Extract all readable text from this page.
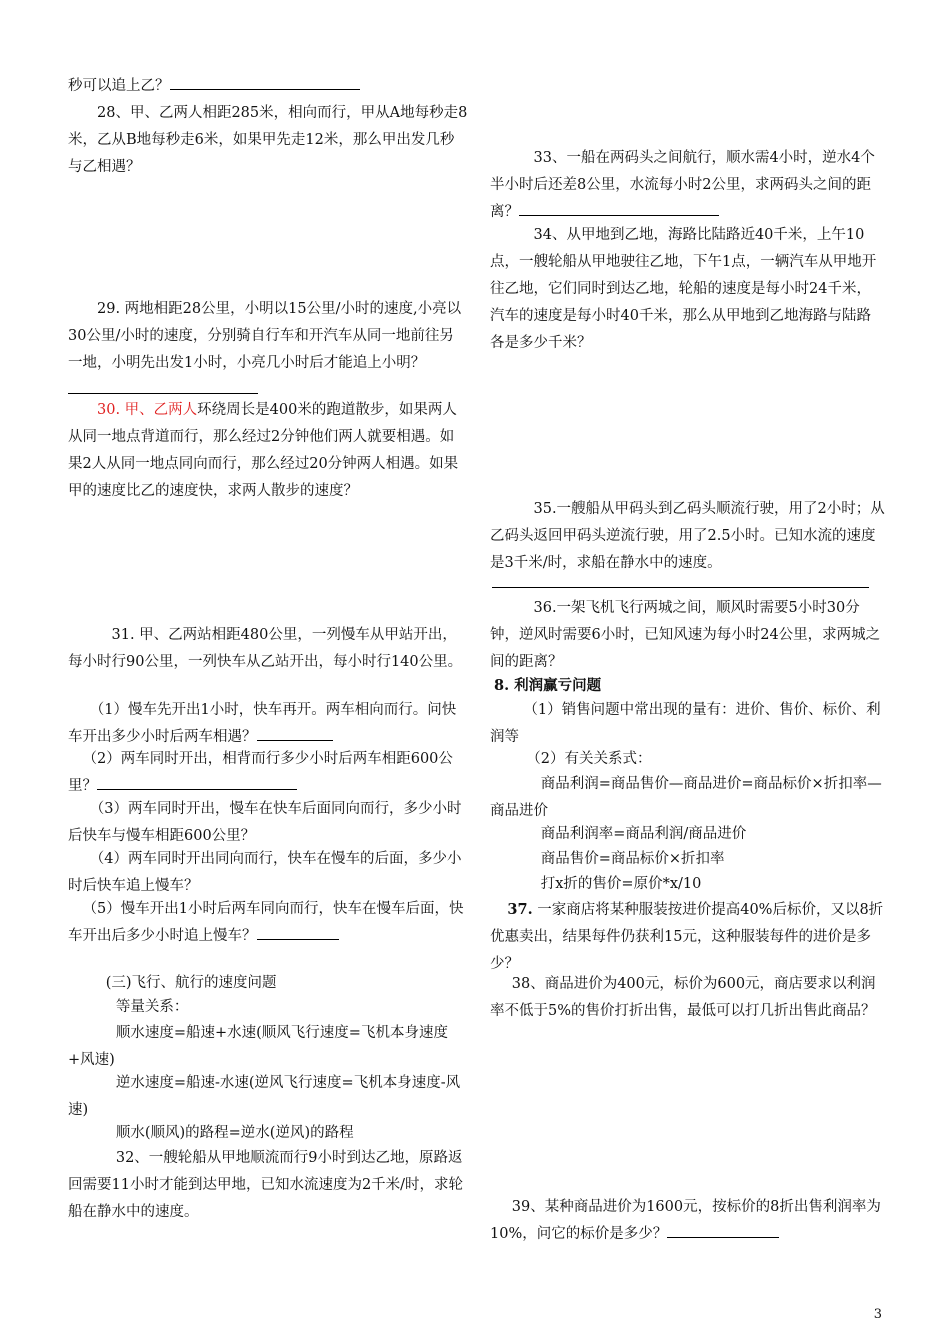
秒可以追上乙？

28、甲、乙两人相距285米，相向而行，甲从A地每秒走8米，乙从B地每秒走6米，如果甲先走12米，那么甲出发几秒与乙相遇？

29. 两地相距28公里，小明以15公里/小时的速度,小亮以30公里/小时的速度，分别骑自行车和开汽车从同一地前往另一地，小明先出发1小时，小亮几小时后才能追上小明？

30. 甲、乙两人环绕周长是400米的跑道散步，如果两人从同一地点背道而行，那么经过2分钟他们两人就要相遇。如果2人从同一地点同向而行，那么经过20分钟两人相遇。如果甲的速度比乙的速度快，求两人散步的速度？

31. 甲、乙两站相距480公里，一列慢车从甲站开出，每小时行90公里，一列快车从乙站开出，每小时行140公里。

（1）慢车先开出1小时，快车再开。两车相向而行。问快车开出多少小时后两车相遇？

（2）两车同时开出，相背而行多少小时后两车相距600公里？

（3）两车同时开出，慢车在快车后面同向而行，多少小时后快车与慢车相距600公里？

（4）两车同时开出同向而行，快车在慢车的后面，多少小时后快车追上慢车？

（5）慢车开出1小时后两车同向而行，快车在慢车后面，快车开出后多少小时追上慢车？

(三)飞行、航行的速度问题

等量关系：

顺水速度=船速+水速(顺风飞行速度=飞机本身速度+风速)

逆水速度=船速-水速(逆风飞行速度=飞机本身速度-风速)

顺水(顺风)的路程=逆水(逆风)的路程

32、一艘轮船从甲地顺流而行9小时到达乙地，原路返回需要11小时才能到达甲地，已知水流速度为2千米/时，求轮船在静水中的速度。

33、一船在两码头之间航行，顺水需4小时，逆水4个半小时后还差8公里，水流每小时2公里，求两码头之间的距离？

34、从甲地到乙地，海路比陆路近40千米，上午10点，一艘轮船从甲地驶往乙地，下午1点，一辆汽车从甲地开往乙地，它们同时到达乙地，轮船的速度是每小时24千米，汽车的速度是每小时40千米，那么从甲地到乙地海路与陆路各是多少千米？

35.一艘船从甲码头到乙码头顺流行驶，用了2小时；从乙码头返回甲码头逆流行驶，用了2.5小时。已知水流的速度是3千米/时，求船在静水中的速度。

36.一架飞机飞行两城之间，顺风时需要5小时30分钟，逆风时需要6小时，已知风速为每小时24公里，求两城之间的距离？

8. 利润赢亏问题

（1）销售问题中常出现的量有：进价、售价、标价、利润等

（2）有关关系式：

商品利润=商品售价—商品进价=商品标价×折扣率—商品进价

商品利润率=商品利润/商品进价

商品售价=商品标价×折扣率

打x折的售价=原价*x/10

37. 一家商店将某种服装按进价提高40%后标价，又以8折优惠卖出，结果每件仍获利15元，这种服装每件的进价是多少？

38、商品进价为400元，标价为600元，商店要求以利润率不低于5%的售价打折出售，最低可以打几折出售此商品？

39、某种商品进价为1600元，按标价的8折出售利润率为10%，问它的标价是多少？

3
